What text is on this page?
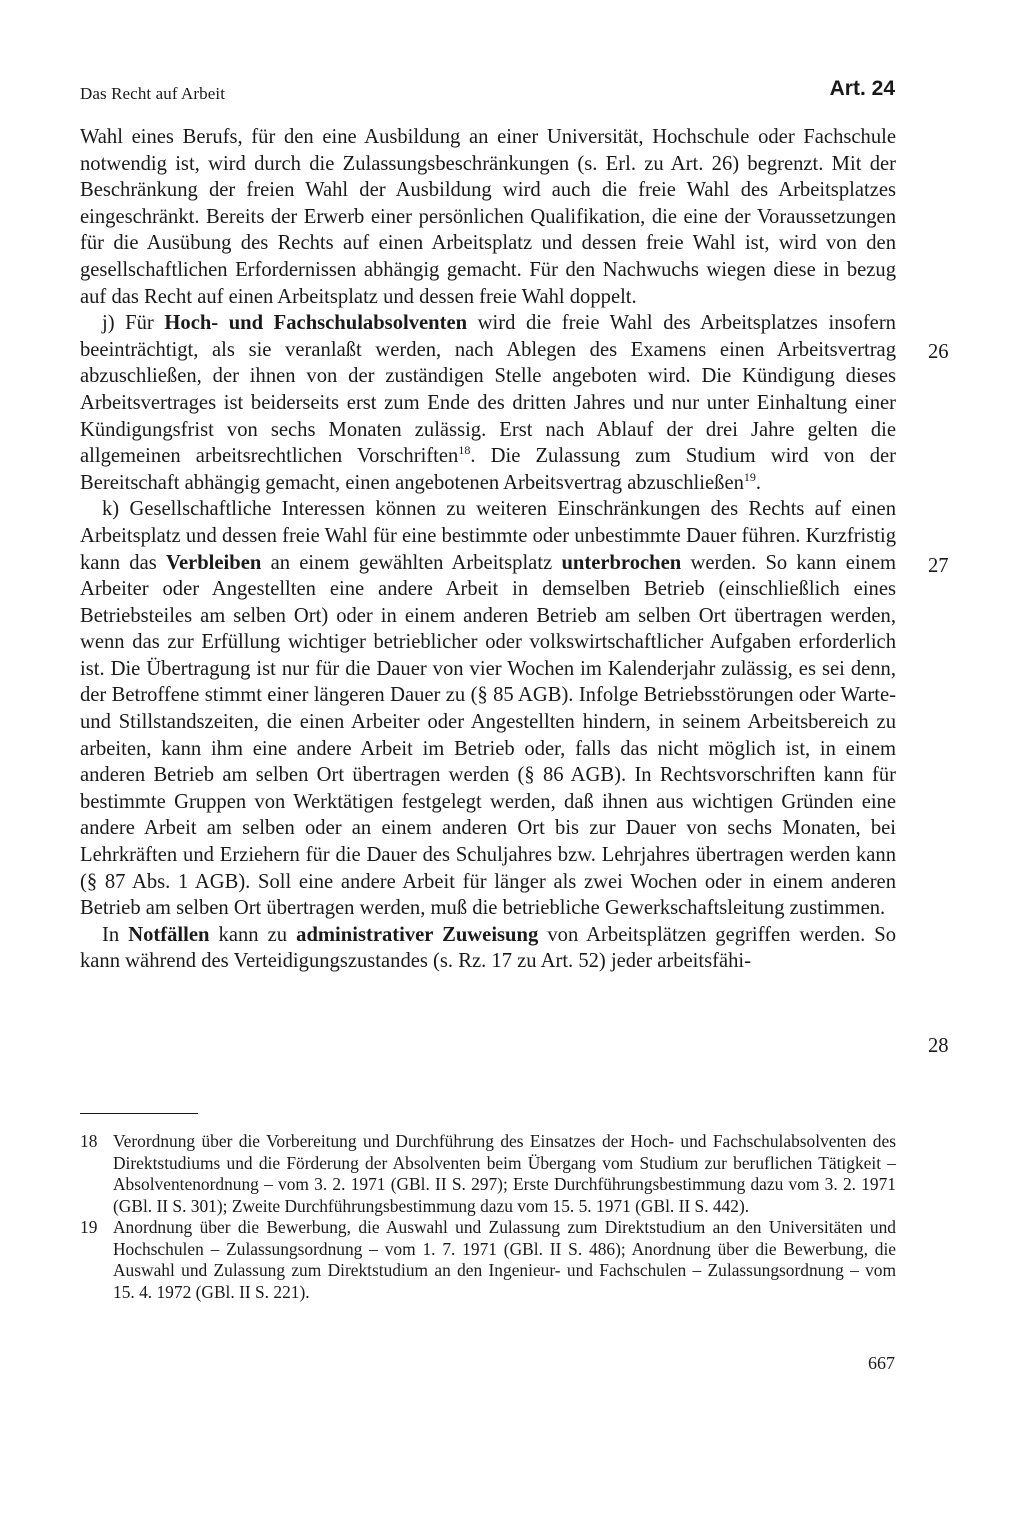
Das Recht auf Arbeit	Art. 24

Wahl eines Berufs, für den eine Ausbildung an einer Universität, Hochschule oder Fachschule notwendig ist, wird durch die Zulassungsbeschränkungen (s. Erl. zu Art. 26) begrenzt. Mit der Beschränkung der freien Wahl der Ausbildung wird auch die freie Wahl des Arbeitsplatzes eingeschränkt. Bereits der Erwerb einer persönlichen Qualifikation, die eine der Voraussetzungen für die Ausübung des Rechts auf einen Arbeitsplatz und dessen freie Wahl ist, wird von den gesellschaftlichen Erfordernissen abhängig gemacht. Für den Nachwuchs wiegen diese in bezug auf das Recht auf einen Arbeitsplatz und dessen freie Wahl doppelt.

j) Für Hoch- und Fachschulabsolventen wird die freie Wahl des Arbeitsplatzes insofern beeinträchtigt, als sie veranlaßt werden, nach Ablegen des Examens einen Arbeitsvertrag abzuschließen, der ihnen von der zuständigen Stelle angeboten wird. Die Kündigung dieses Arbeitsvertrages ist beiderseits erst zum Ende des dritten Jahres und nur unter Einhaltung einer Kündigungsfrist von sechs Monaten zulässig. Erst nach Ablauf der drei Jahre gelten die allgemeinen arbeitsrechtlichen Vorschriften$^{18}$. Die Zulassung zum Studium wird von der Bereitschaft abhängig gemacht, einen angebotenen Arbeitsvertrag abzuschließen$^{19}$.

k) Gesellschaftliche Interessen können zu weiteren Einschränkungen des Rechts auf einen Arbeitsplatz und dessen freie Wahl für eine bestimmte oder unbestimmte Dauer führen. Kurzfristig kann das Verbleiben an einem gewählten Arbeitsplatz unterbrochen werden. So kann einem Arbeiter oder Angestellten eine andere Arbeit in demselben Betrieb (einschließlich eines Betriebsteiles am selben Ort) oder in einem anderen Betrieb am selben Ort übertragen werden, wenn das zur Erfüllung wichtiger betrieblicher oder volkswirtschaftlicher Aufgaben erforderlich ist. Die Übertragung ist nur für die Dauer von vier Wochen im Kalenderjahr zulässig, es sei denn, der Betroffene stimmt einer längeren Dauer zu (§ 85 AGB). Infolge Betriebsstörungen oder Warte- und Stillstandszeiten, die einen Arbeiter oder Angestellten hindern, in seinem Arbeitsbereich zu arbeiten, kann ihm eine andere Arbeit im Betrieb oder, falls das nicht möglich ist, in einem anderen Betrieb am selben Ort übertragen werden (§ 86 AGB). In Rechtsvorschriften kann für bestimmte Gruppen von Werktätigen festgelegt werden, daß ihnen aus wichtigen Gründen eine andere Arbeit am selben oder an einem anderen Ort bis zur Dauer von sechs Monaten, bei Lehrkräften und Erziehern für die Dauer des Schuljahres bzw. Lehrjahres übertragen werden kann (§ 87 Abs. 1 AGB). Soll eine andere Arbeit für länger als zwei Wochen oder in einem anderen Betrieb am selben Ort übertragen werden, muß die betriebliche Gewerkschaftsleitung zustimmen.

In Notfällen kann zu administrativer Zuweisung von Arbeitsplätzen gegriffen werden. So kann während des Verteidigungszustandes (s. Rz. 17 zu Art. 52) jeder arbeitsfähi-

26
27
28
18 Verordnung über die Vorbereitung und Durchführung des Einsatzes der Hoch- und Fachschulabsolventen des Direktstudiums und die Förderung der Absolventen beim Übergang vom Studium zur beruflichen Tätigkeit – Absolventenordnung – vom 3. 2. 1971 (GBl. II S. 297); Erste Durchführungsbestimmung dazu vom 3. 2. 1971 (GBl. II S. 301); Zweite Durchführungsbestimmung dazu vom 15. 5. 1971 (GBl. II S. 442).
19 Anordnung über die Bewerbung, die Auswahl und Zulassung zum Direktstudium an den Universitäten und Hochschulen – Zulassungsordnung – vom 1. 7. 1971 (GBl. II S. 486); Anordnung über die Bewerbung, die Auswahl und Zulassung zum Direktstudium an den Ingenieur- und Fachschulen – Zulassungsordnung – vom 15. 4. 1972 (GBl. II S. 221).
667
